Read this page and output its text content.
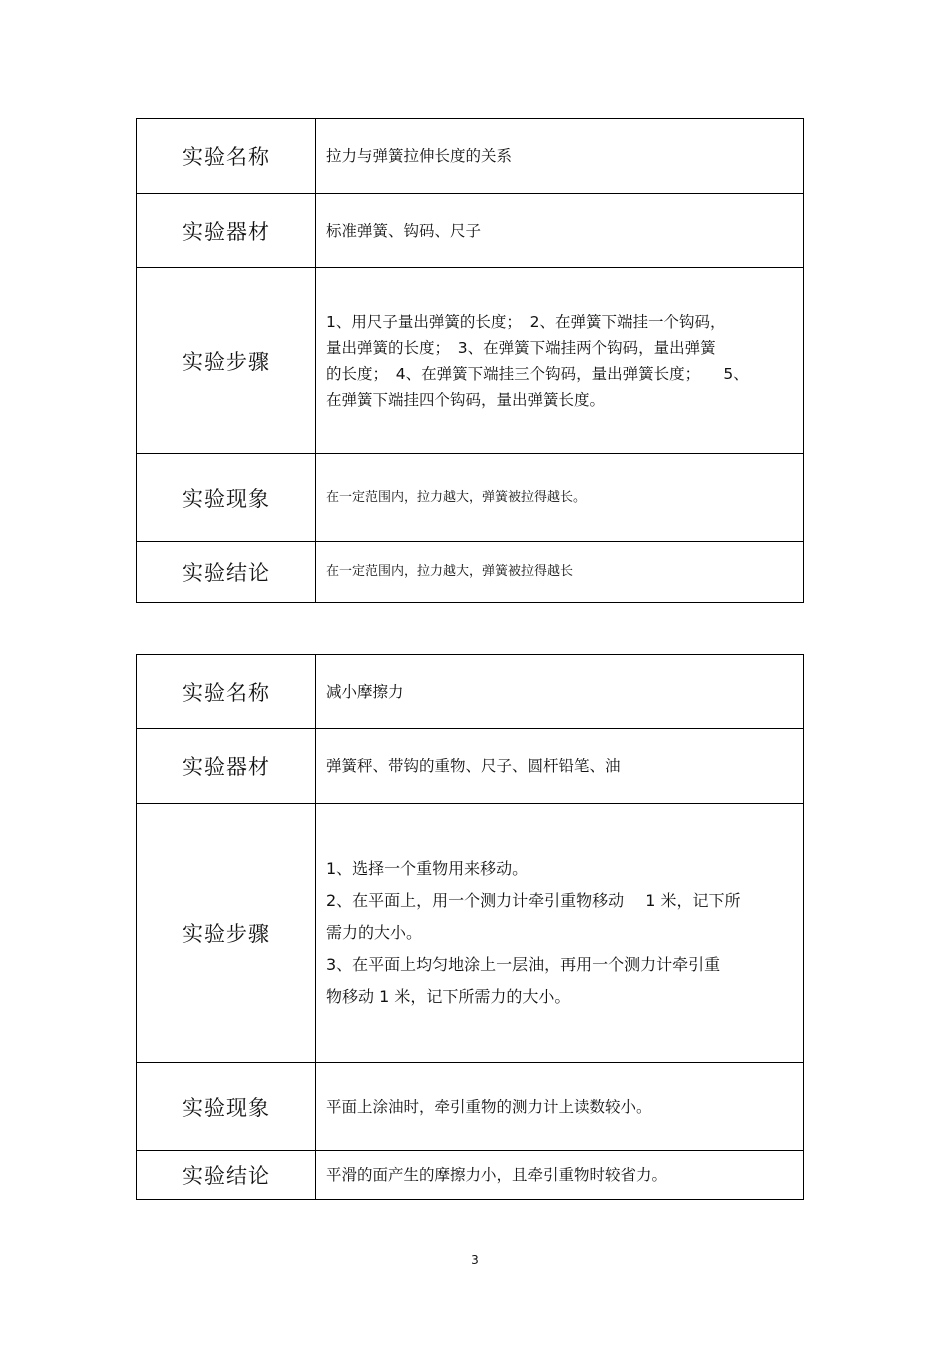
实验名称	拉力与弹簧拉伸长度的关系
实验器材	标准弹簧、钩码、尺子
实验步骤	1、用尺子量出弹簧的长度；　2、在弹簧下端挂一个钩码，

量出弹簧的长度；　3、在弹簧下端挂两个钩码，量出弹簧

的长度；　4、在弹簧下端挂三个钩码，量出弹簧长度；　　5、

在弹簧下端挂四个钩码，量出弹簧长度。

实验现象	在一定范围内，拉力越大，弹簧被拉得越长。
实验结论	在一定范围内，拉力越大，弹簧被拉得越长
实验名称	减小摩擦力
实验器材	弹簧秤、带钩的重物、尺子、圆杆铅笔、油
实验步骤	1、选择一个重物用来移动。

2、在平面上，用一个测力计牵引重物移动　 1 米，记下所

需力的大小。

3、在平面上均匀地涂上一层油，再用一个测力计牵引重

物移动 1 米，记下所需力的大小。

实验现象	平面上涂油时，牵引重物的测力计上读数较小。
实验结论	平滑的面产生的摩擦力小，且牵引重物时较省力。
3
